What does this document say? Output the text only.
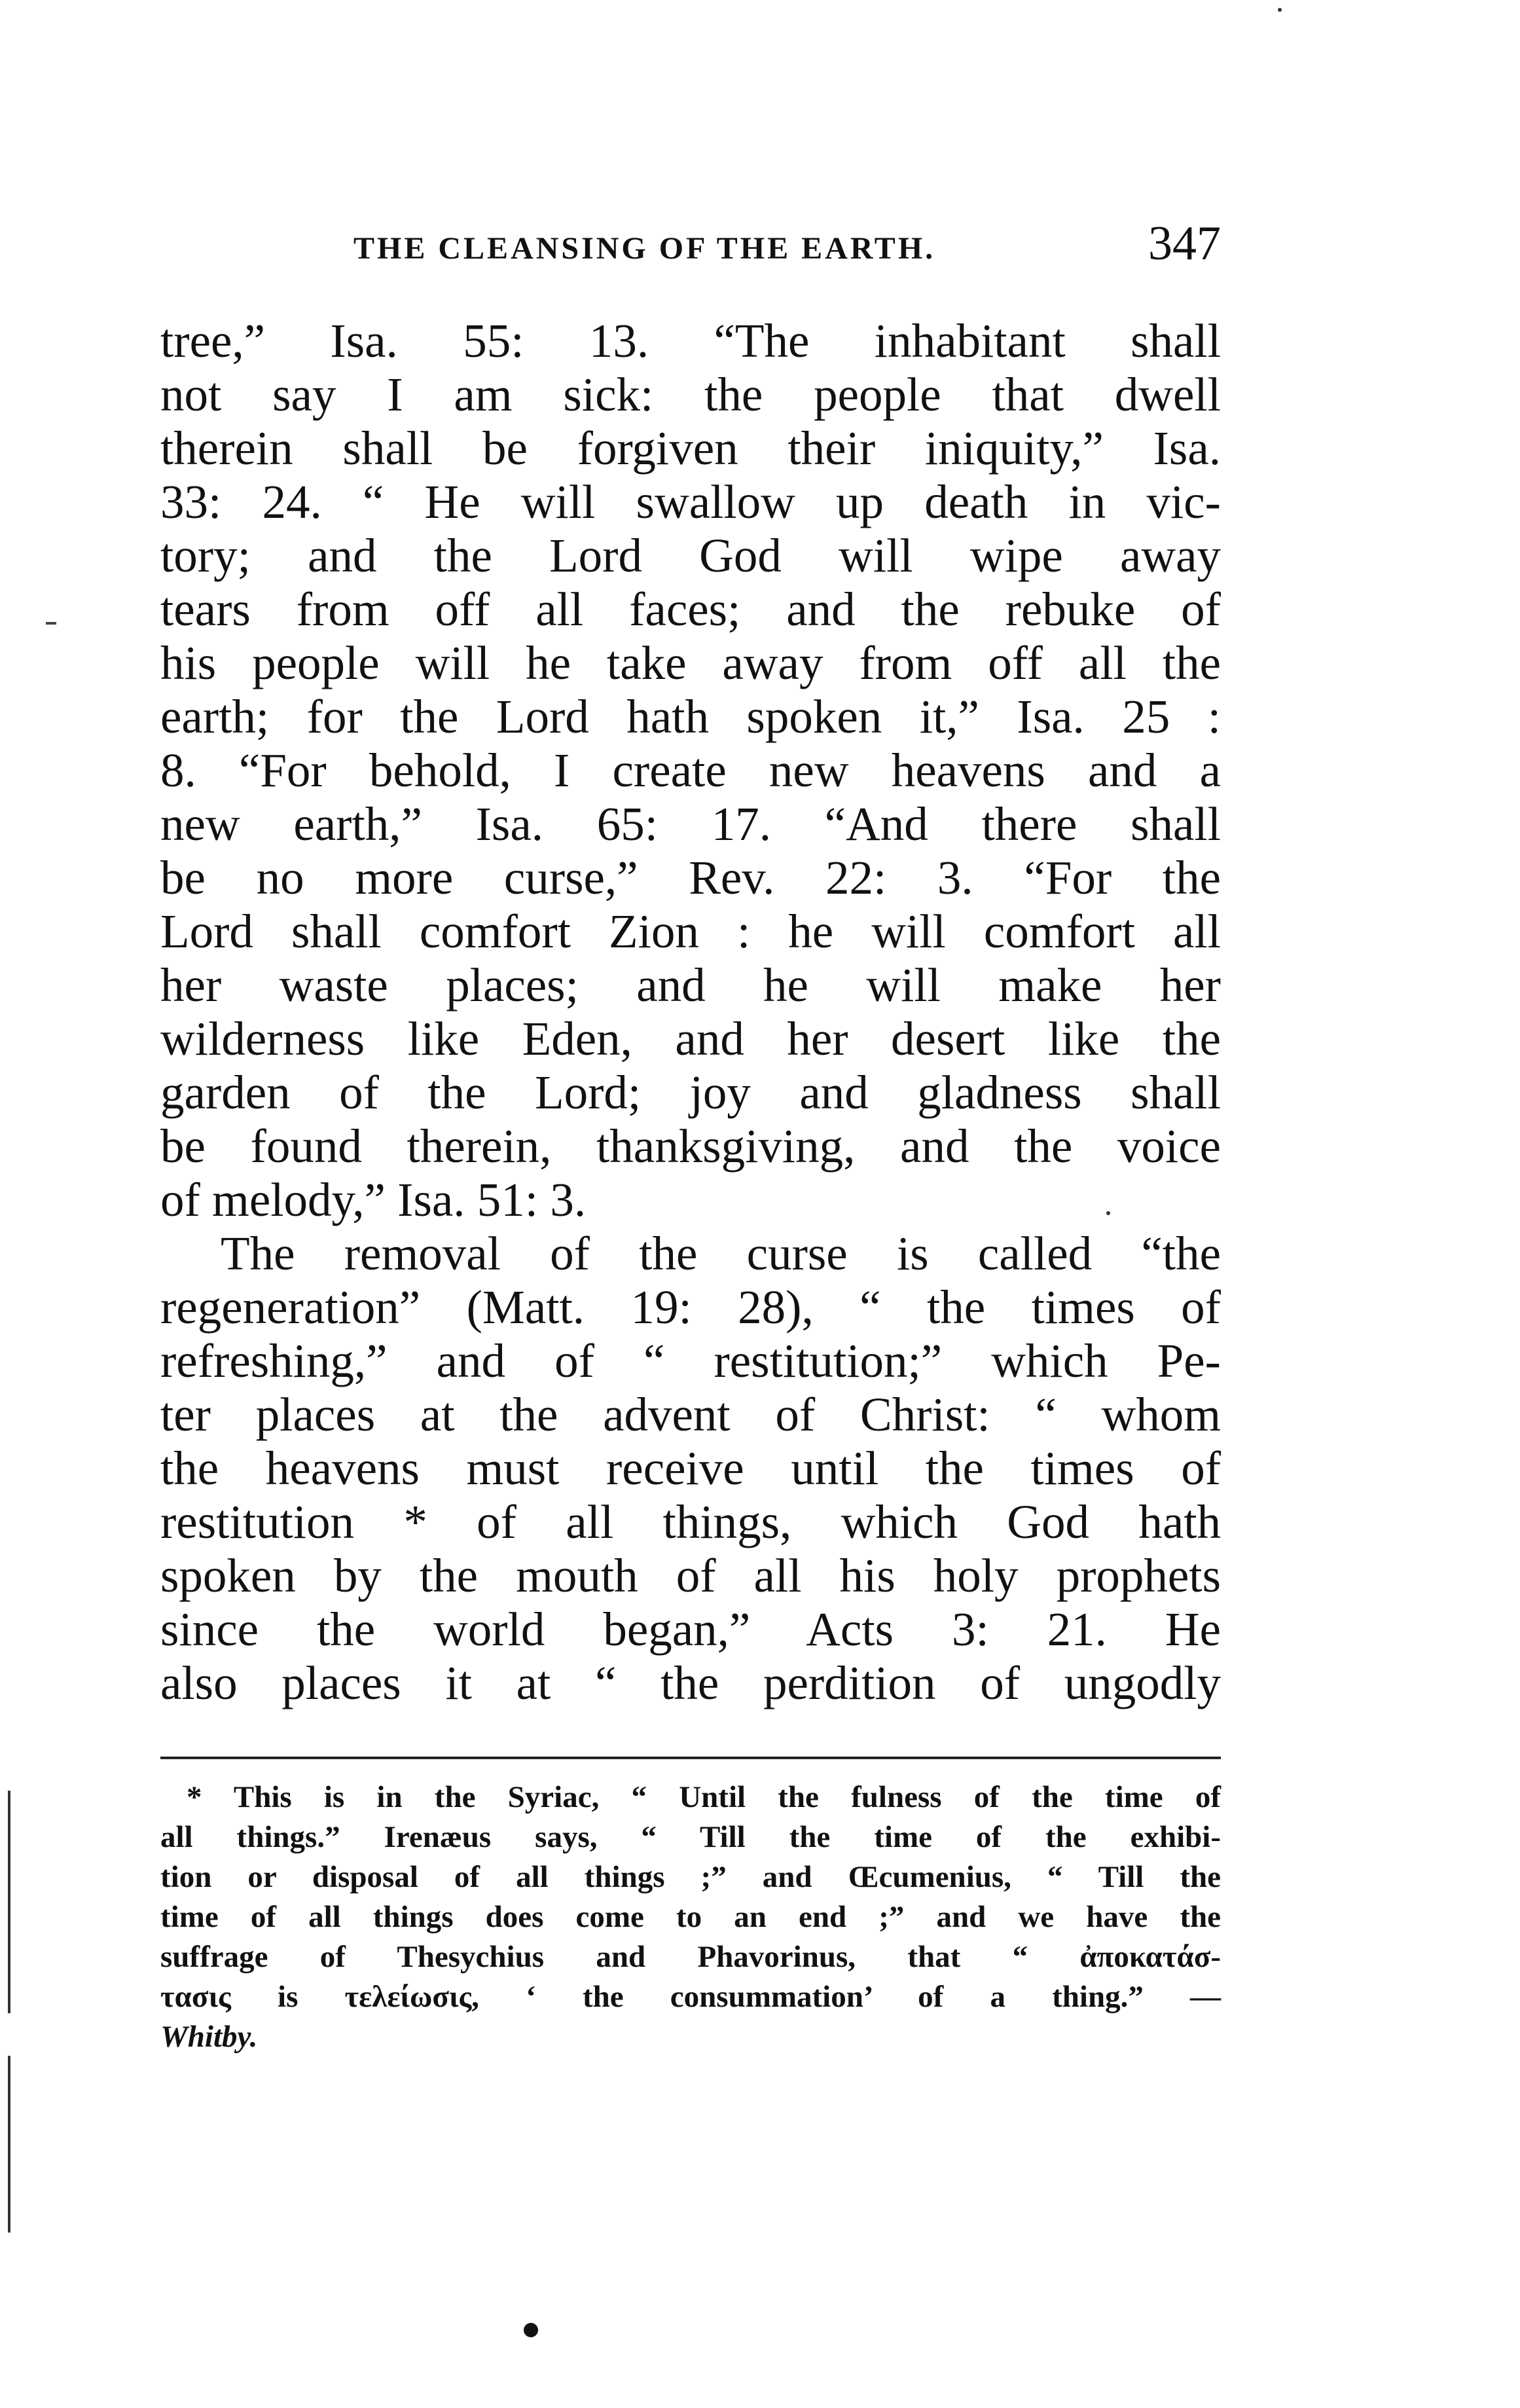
THE CLEANSING OF THE EARTH.	347
tree,” Isa. 55: 13. “The inhabitant shall
not say I am sick: the people that dwell
therein shall be forgiven their iniquity,” Isa.
33: 24. “ He will swallow up death in vic-
tory; and the Lord God will wipe away
tears from off all faces; and the rebuke of
his people will he take away from off all the
earth; for the Lord hath spoken it,” Isa. 25 :
8. “For behold, I create new heavens and a
new earth,” Isa. 65: 17. “And there shall
be no more curse,” Rev. 22: 3. “For the
Lord shall comfort Zion : he will comfort all
her waste places; and he will make her
wilderness like Eden, and her desert like the
garden of the Lord; joy and gladness shall
be found therein, thanksgiving, and the voice
of melody,” Isa. 51: 3.
The removal of the curse is called “the
regeneration” (Matt. 19: 28), “ the times of
refreshing,” and of “ restitution;” which Pe-
ter places at the advent of Christ: “ whom
the heavens must receive until the times of
restitution * of all things, which God hath
spoken by the mouth of all his holy prophets
since the world began,” Acts 3: 21. He
also places it at “ the perdition of ungodly
* This is in the Syriac, “ Until the fulness of the time of
all things.” Irenæus says, “ Till the time of the exhibi-
tion or disposal of all things ;” and Œcumenius, “ Till the
time of all things does come to an end ;” and we have the
suffrage of Thesychius and Phavorinus, that “ ἀποκατάσ-
τασις is τελείωσις, ‘ the consummation’ of a thing.” —
Whitby.
